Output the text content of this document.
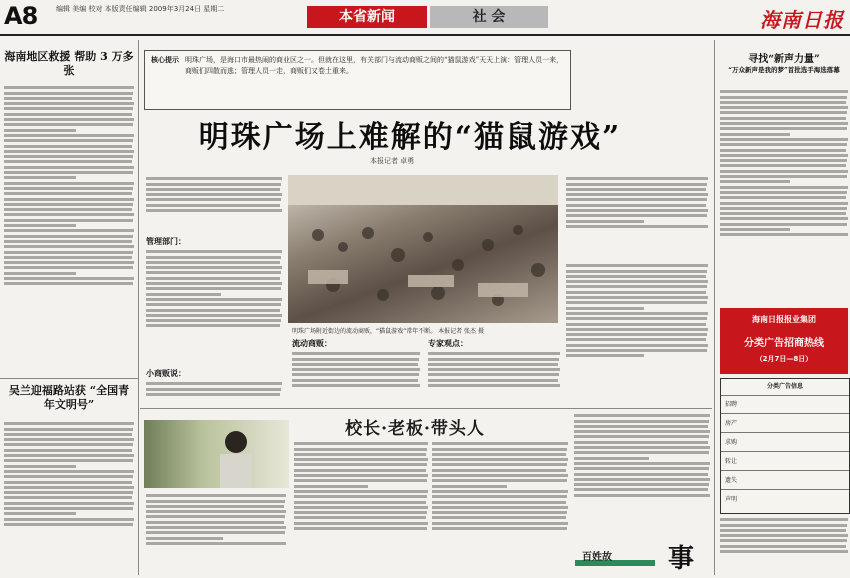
A8	编辑 美编 校对 本版责任编辑 2009年3月24日 星期二	本省新闻	社 会	海南日报
海南地区救援 帮助 3 万多张
吴兰迎福路站获 “全国青年文明号”
核心提示 明珠广场，是海口市最热闹的商业区之一。但就在这里，有关部门与流动商贩之间的“猫鼠游戏”天天上演：管理人员一来，商贩们四散而逃；管理人员一走，商贩们又卷土重来。
明珠广场上难解的“猫鼠游戏”
本报记者 卓勇
管理部门：
小商贩说：
明珠广场附近街边的流动商贩，“猫鼠游戏”常年不断。 本报记者 张杰 摄
流动商贩：	专家观点：
校长·老板·带头人
寻找“新声力量”
“万众新声是我的梦”首批选手海选落幕
海南日报报业集团
分类广告招商热线
（2月7日—8日）
分类广告信息
招聘
房产
求购
转让
遗失
声明
百姓故 事
